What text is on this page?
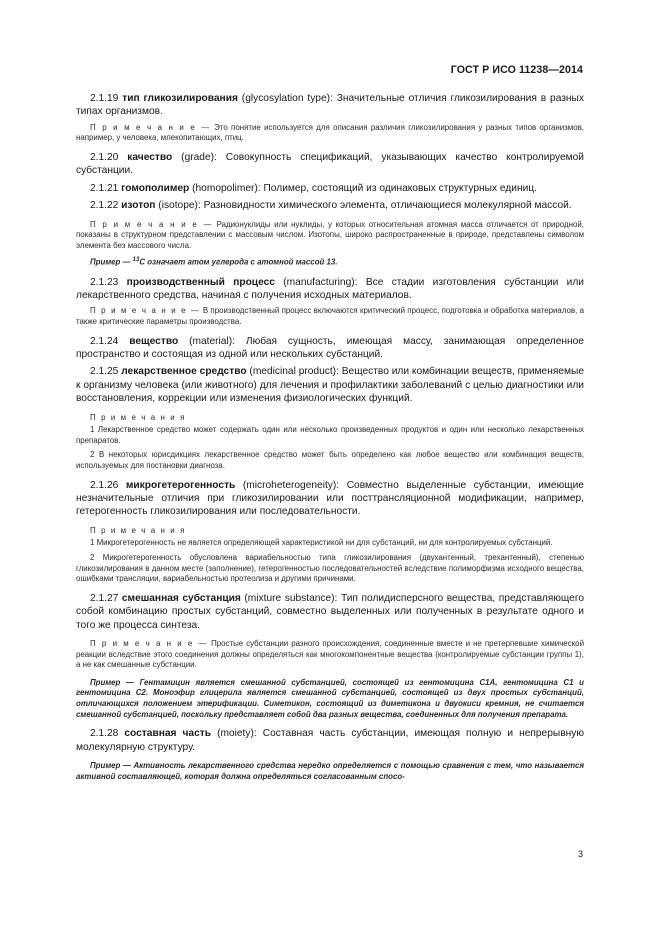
ГОСТ Р ИСО 11238—2014

2.1.19 тип гликозилирования (glycosylation type): Значительные отличия гликозилирования в разных типах организмов.

П р и м е ч а н и е — Это понятие используется для описания различия гликозилирования у разных типов организмов, например, у человека, млекопитающих, птиц.

2.1.20 качество (grade): Совокупность спецификаций, указывающих качество контролируемой субстанции.

2.1.21 гомополимер (homopolimer): Полимер, состоящий из одинаковых структурных единиц.

2.1.22 изотоп (isotope): Разновидности химического элемента, отличающиеся молекулярной массой.

П р и м е ч а н и е — Радионуклиды или нуклиды, у которых относительная атомная масса отличается от природной, показаны в структурном представлении с массовым числом. Изотопы, широко распространенные в природе, представлены символом элемента без массового числа.

Пример — $^{13}$С означает атом углерода с атомной массой 13.

2.1.23 производственный процесс (manufacturing): Все стадии изготовления субстанции или лекарственного средства, начиная с получения исходных материалов.

П р и м е ч а н и е — В производственный процесс включаются критический процесс, подготовка и обработка материалов, а также критические параметры производства.

2.1.24 вещество (material): Любая сущность, имеющая массу, занимающая определенное пространство и состоящая из одной или нескольких субстанций.

2.1.25 лекарственное средство (medicinal product): Вещество или комбинации веществ, применяемые к организму человека (или животного) для лечения и профилактики заболеваний с целью диагностики или восстановления, коррекции или изменения физиологических функций.

П р и м е ч а н и я

1 Лекарственное средство может содержать один или несколько произведенных продуктов и один или несколько лекарственных препаратов.

2 В некоторых юрисдикциях лекарственное средство может быть определено как любое вещество или комбинация веществ, используемых для постановки диагноза.

2.1.26 микрогетерогенность (microheterogeneity): Совместно выделенные субстанции, имеющие незначительные отличия при гликозилировании или посттрансляционной модификации, например, гетерогенность гликозилирования или последовательности.

П р и м е ч а н и я

1 Микрогетерогенность не является определяющей характеристикой ни для субстанций, ни для контролируемых субстанций.

2 Микрогетерогенность обусловлена вариабельностью типа гликозилирования (двухантенный, трехантенный), степенью гликозилирования в данном месте (заполнение), гетерогенностью последовательностей вследствие полиморфизма исходного вещества, ошибками трансляции, вариабельностью протеолиза и другими причинами.

2.1.27 смешанная субстанция (mixture substance): Тип полидисперсного вещества, представляющего собой комбинацию простых субстанций, совместно выделенных или полученных в результате одного и того же процесса синтеза.

П р и м е ч а н и е — Простые субстанции разного происхождения, соединенные вместе и не претерпевшие химической реакции вследствие этого соединения должны определяться как многокомпонентные вещества (контролируемые субстанции группы 1), а не как смешанные субстанции.

Пример — Гентамицин является смешанной субстанцией, состоящей из гентомицина С1А, гентомицина С1 и гентомицина С2. Моноэфир глицерила является смешанной субстанцией, состоящей из двух простых субстанций, отличающихся положением этерификации. Симетикон, состоящий из диметикона и двуокиси кремния, не считается смешанной субстанцией, поскольку представляет собой два разных вещества, соединенных для получения препарата.

2.1.28 составная часть (moiety): Составная часть субстанции, имеющая полную и непрерывную молекулярную структуру.

Пример — Активность лекарственного средства нередко определяется с помощью сравнения с тем, что называется активной составляющей, которая должна определяться согласованным спосо-

3
